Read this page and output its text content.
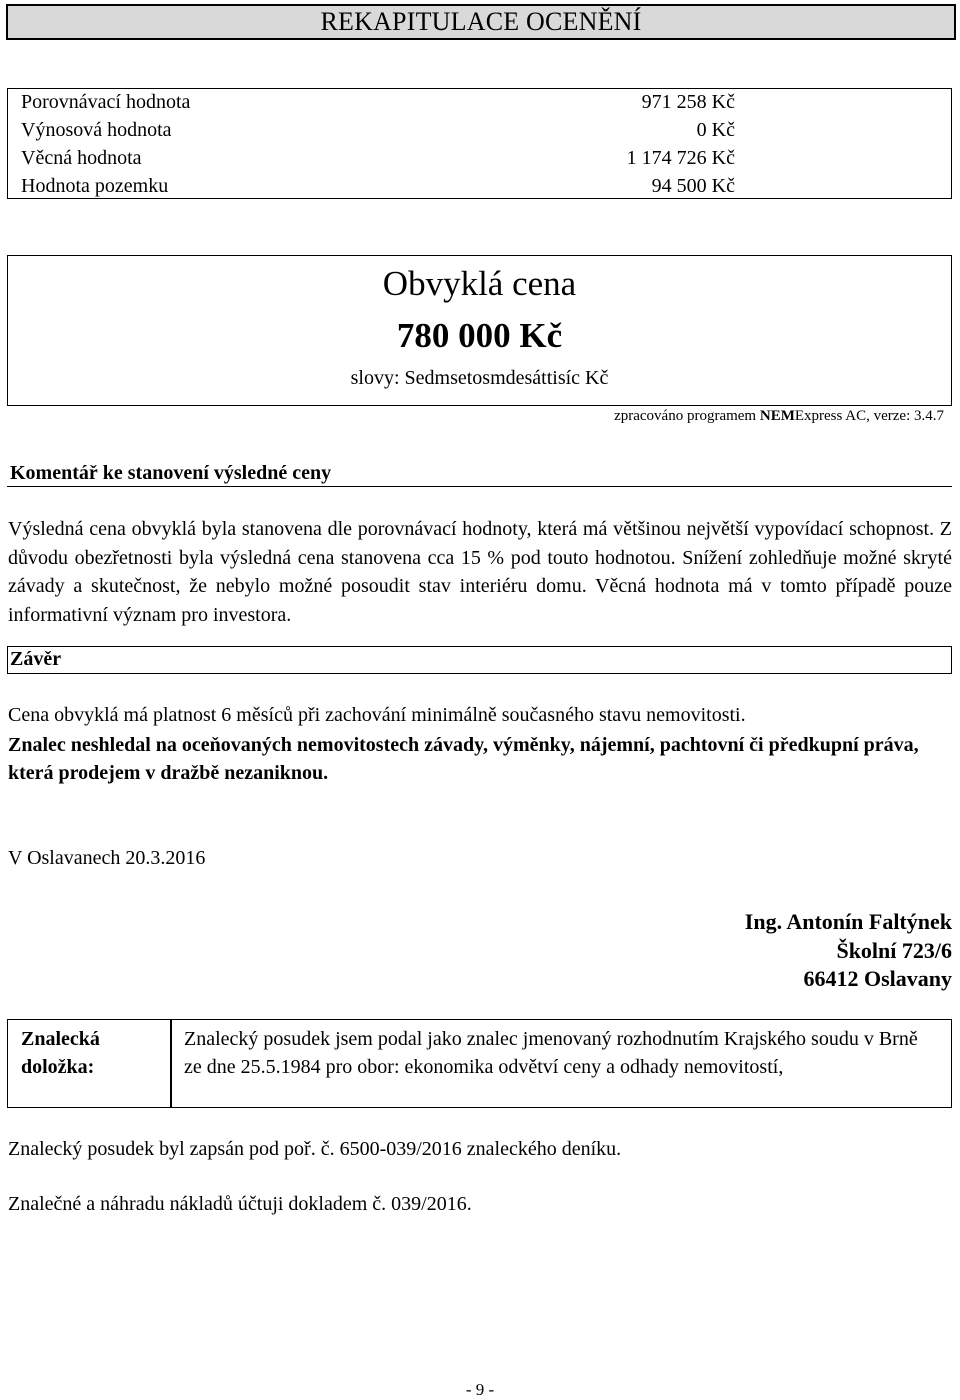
REKAPITULACE OCENĚNÍ
Porovnávací hodnota	971 258 Kč
Výnosová hodnota	0 Kč
Věcná hodnota	1 174 726 Kč
Hodnota pozemku	94 500 Kč
Obvyklá cena
780 000 Kč
slovy: Sedmsetosmdesáttisíc Kč
zpracováno programem NEMExpress AC, verze: 3.4.7
Komentář ke stanovení výsledné ceny
Výsledná cena obvyklá byla stanovena dle porovnávací hodnoty, která má většinou největší vypovídací schopnost. Z důvodu obezřetnosti byla výsledná cena stanovena cca 15 % pod touto hodnotou. Snížení zohledňuje možné skryté závady a skutečnost, že nebylo možné posoudit stav interiéru domu. Věcná hodnota má v tomto případě pouze informativní význam pro investora.
Závěr
Cena obvyklá má platnost 6 měsíců při zachování minimálně současného stavu nemovitosti.
Znalec neshledal na oceňovaných nemovitostech závady, výměnky, nájemní, pachtovní či předkupní práva, která prodejem v dražbě nezaniknou.
V Oslavanech 20.3.2016
Ing. Antonín Faltýnek
Školní 723/6
66412 Oslavany
Znalecká
doložka:
Znalecký posudek jsem podal jako znalec jmenovaný rozhodnutím Krajského soudu v Brně ze dne 25.5.1984 pro obor: ekonomika odvětví ceny a odhady nemovitostí,
Znalecký posudek byl zapsán pod poř. č. 6500-039/2016 znaleckého deníku.
Znalečné a náhradu nákladů účtuji dokladem č. 039/2016.
- 9 -
